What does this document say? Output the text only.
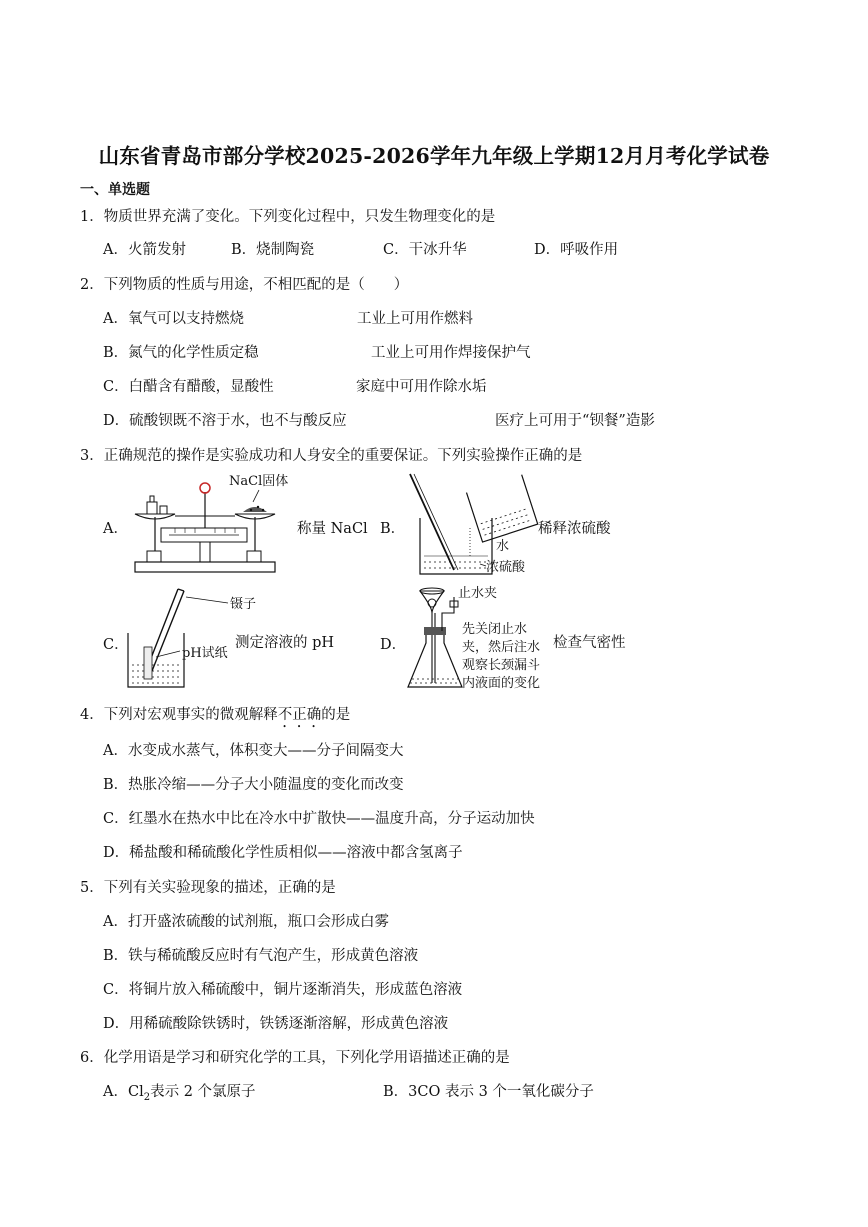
山东省青岛市部分学校2025-2026学年九年级上学期12月月考化学试卷
一、单选题
1．物质世界充满了变化。下列变化过程中，只发生物理变化的是
A．火箭发射	B．烧制陶瓷	C．干冰升华	D．呼吸作用
2．下列物质的性质与用途，不相匹配的是（　　）
A．氧气可以支持燃烧	工业上可用作燃料
B．氮气的化学性质定稳	工业上可用作焊接保护气
C．白醋含有醋酸，显酸性	家庭中可用作除水垢
D．硫酸钡既不溶于水，也不与酸反应	医疗上可用于“钡餐”造影
3．正确规范的操作是实验成功和人身安全的重要保证。下列实验操作正确的是
A．
NaCl固体
称量 NaCl B．
水
浓硫酸
稀释浓硫酸
C．
镊子
pH试纸
测定溶液的 pH	D．
止水夹
先关闭止水
夹，然后注水
观察长颈漏斗
内液面的变化
检查气密性
4．下列对宏观事实的微观解释不正确的是
A．水变成水蒸气，体积变大——分子间隔变大
B．热胀冷缩——分子大小随温度的变化而改变
C．红墨水在热水中比在冷水中扩散快——温度升高，分子运动加快
D．稀盐酸和稀硫酸化学性质相似——溶液中都含氢离子
5．下列有关实验现象的描述，正确的是
A．打开盛浓硫酸的试剂瓶，瓶口会形成白雾
B．铁与稀硫酸反应时有气泡产生，形成黄色溶液
C．将铜片放入稀硫酸中，铜片逐渐消失，形成蓝色溶液
D．用稀硫酸除铁锈时，铁锈逐渐溶解，形成黄色溶液
6．化学用语是学习和研究化学的工具，下列化学用语描述正确的是
A．$Cl_2$表示 2 个氯原子	B．3CO 表示 3 个一氧化碳分子
